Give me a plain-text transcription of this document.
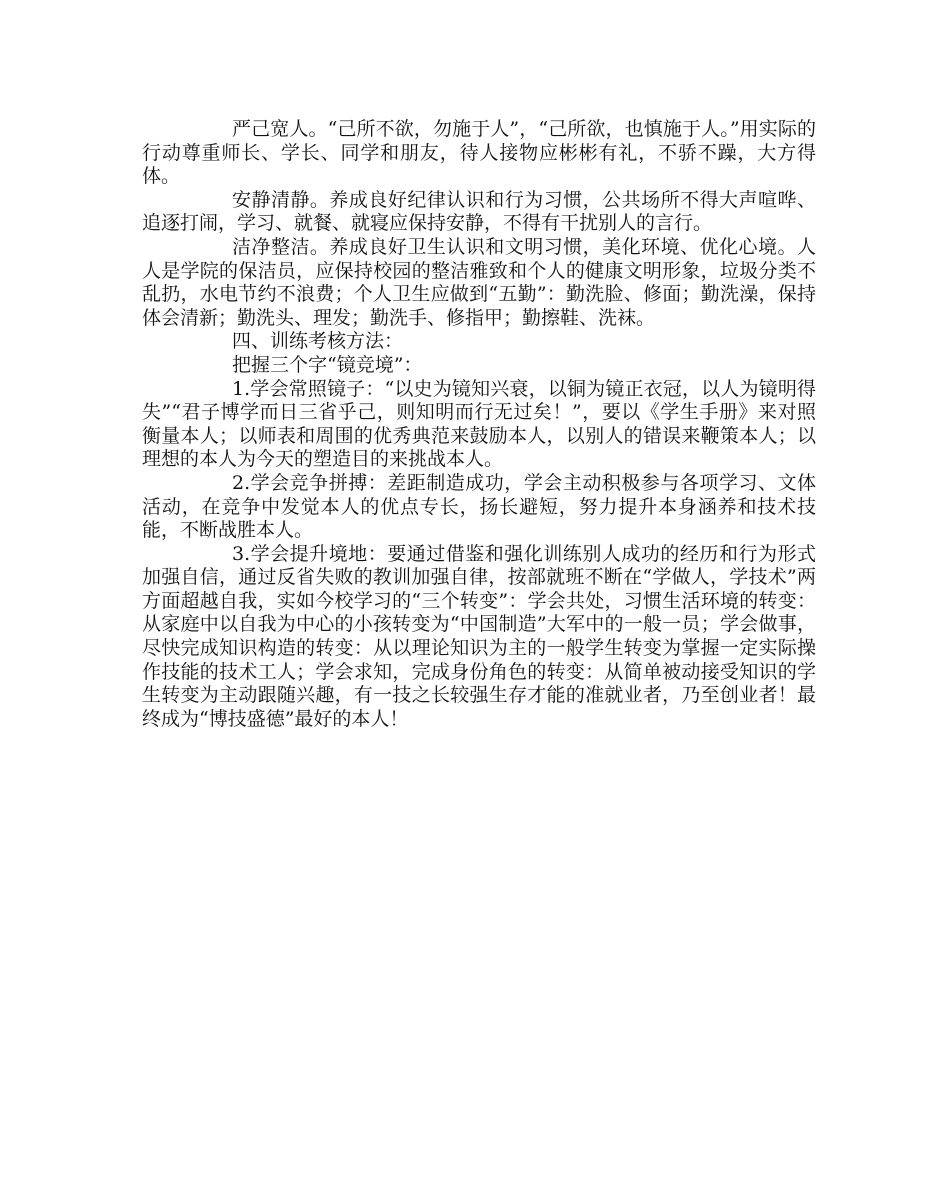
严己宽人。“己所不欲，勿施于人”，“己所欲，也慎施于人。”用实际的行动尊重师长、学长、同学和朋友，待人接物应彬彬有礼，不骄不躁，大方得体。

安静清静。养成良好纪律认识和行为习惯，公共场所不得大声喧哗、追逐打闹，学习、就餐、就寝应保持安静，不得有干扰别人的言行。

洁净整洁。养成良好卫生认识和文明习惯，美化环境、优化心境。人人是学院的保洁员，应保持校园的整洁雅致和个人的健康文明形象，垃圾分类不乱扔，水电节约不浪费；个人卫生应做到“五勤”：勤洗脸、修面；勤洗澡，保持体会清新；勤洗头、理发；勤洗手、修指甲；勤擦鞋、洗袜。

四、训练考核方法：

把握三个字“镜竞境”：

1.学会常照镜子：“以史为镜知兴衰，以铜为镜正衣冠，以人为镜明得失”“君子博学而日三省乎己，则知明而行无过矣！”，要以《学生手册》来对照衡量本人；以师表和周围的优秀典范来鼓励本人，以别人的错误来鞭策本人；以理想的本人为今天的塑造目的来挑战本人。

2.学会竞争拼搏：差距制造成功，学会主动积极参与各项学习、文体活动，在竞争中发觉本人的优点专长，扬长避短，努力提升本身涵养和技术技能，不断战胜本人。

3.学会提升境地：要通过借鉴和强化训练别人成功的经历和行为形式加强自信，通过反省失败的教训加强自律，按部就班不断在“学做人，学技术”两方面超越自我，实如今校学习的“三个转变”：学会共处，习惯生活环境的转变：从家庭中以自我为中心的小孩转变为“中国制造”大军中的一般一员；学会做事，尽快完成知识构造的转变：从以理论知识为主的一般学生转变为掌握一定实际操作技能的技术工人；学会求知，完成身份角色的转变：从简单被动接受知识的学生转变为主动跟随兴趣，有一技之长较强生存才能的准就业者，乃至创业者！最终成为“博技盛德”最好的本人！
